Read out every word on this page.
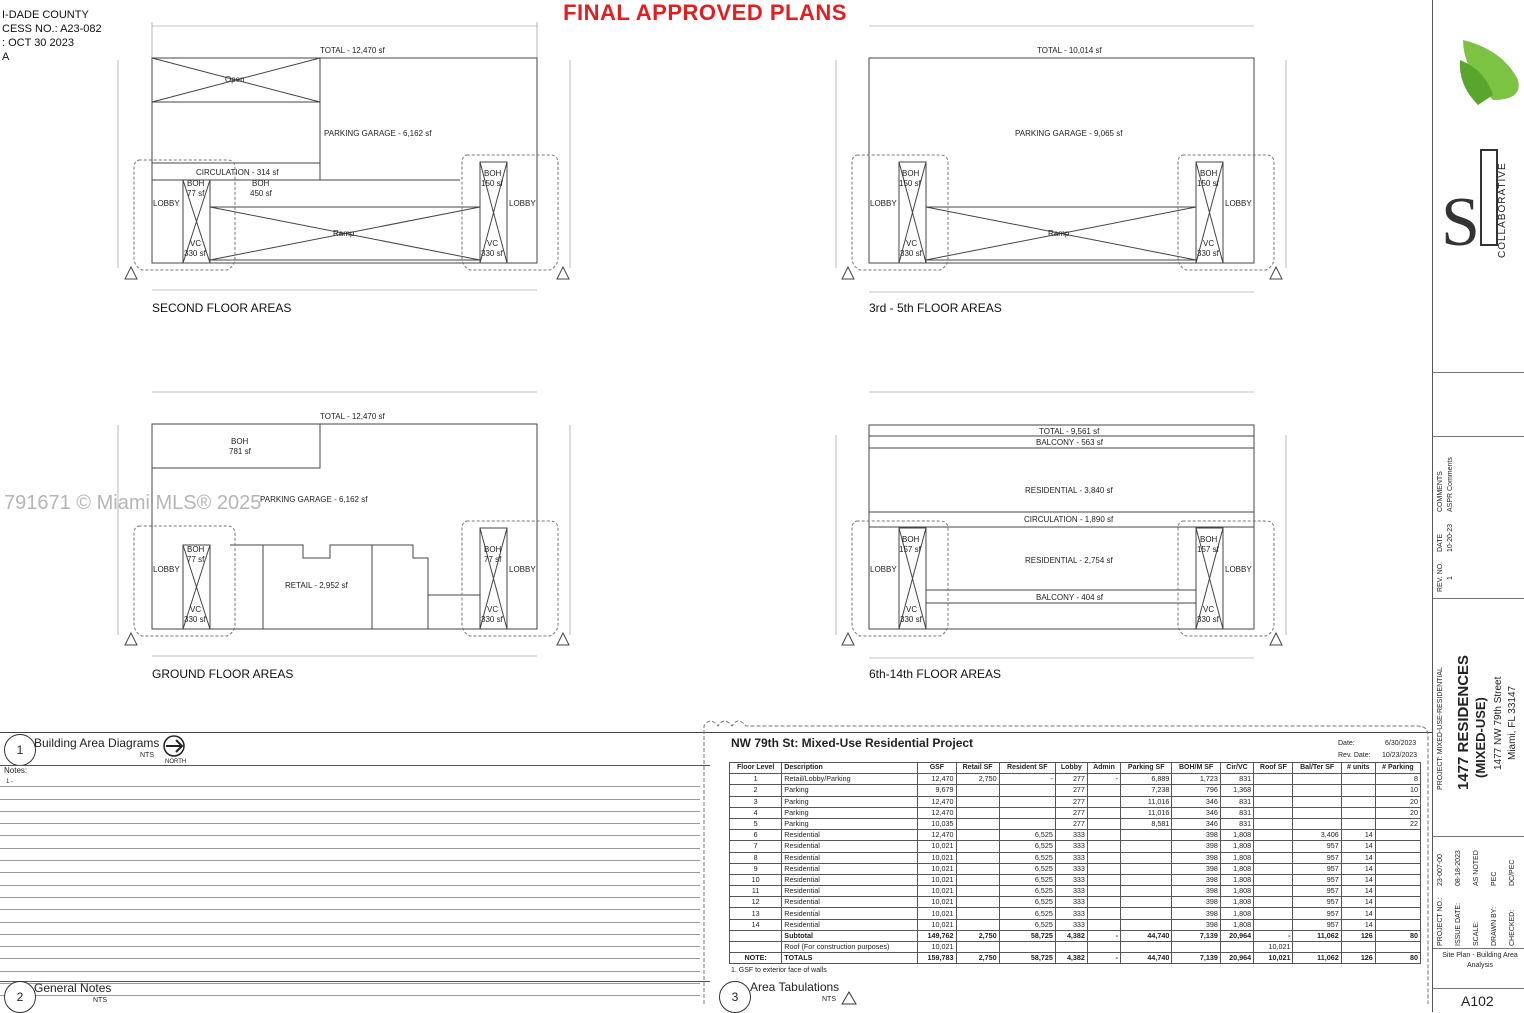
I-DADE COUNTY
CESS NO.: A23-082
: OCT 30 2023
A
FINAL APPROVED PLANS
TOTAL - 12,470 sf
Open
PARKING GARAGE - 6,162 sf
CIRCULATION - 314 sf
BOH
77 sf
BOH
450 sf
BOH
150 sf
LOBBY	LOBBY
Ramp
VC
330 sf
VC
330 sf
TOTAL - 10,014 sf
PARKING GARAGE - 9,065 sf
BOH
150 sf
BOH
150 sf
LOBBY	LOBBY
Ramp
VC
330 sf
VC
330 sf
TOTAL - 12,470 sf
BOH
781 sf
PARKING GARAGE - 6,162 sf
BOH
77 sf
BOH
77 sf
LOBBY	LOBBY
RETAIL - 2,952 sf
VC
330 sf
VC
330 sf
TOTAL - 9,561 sf
BALCONY - 563 sf
RESIDENTIAL - 3,840 sf
CIRCULATION - 1,890 sf
BOH
157 sf
BOH
157 sf
RESIDENTIAL - 2,754 sf
LOBBY	LOBBY
BALCONY - 404 sf
VC
330 sf
VC
330 sf
SECOND FLOOR AREAS	3rd - 5th FLOOR AREAS
GROUND FLOOR AREAS	6th-14th FLOOR AREAS
791671 © Miami MLS® 2025
S COLLABORATIVE
REV. NO.
DATE
COMMENTS
1
10-20-23
ASPR Comments
PROJECT: MIXED-USE-RESIDENTIAL 1477 RESIDENCES (MIXED-USE) 1477 NW 79th Street Miami, FL 33147
PROJECT NO.: ISSUE DATE: SCALE: DRAWN BY: CHECKED:
23-007-00 08-18-2023 AS NOTED PEC DC/PEC
Site Plan - Building Area Analysis
A102
1 Building Area Diagrams
NTS
NORTH
Notes:
1 -
2
General Notes
NTS
NW 79th St: Mixed-Use Residential Project	Date:	6/30/2023
Rev. Date: 10/23/2023
Floor Level	Description	GSF	Retail SF	Resident SF	Lobby	Admin	Parking SF	BOH/M SF	Cir/VC	Roof SF	Bal/Ter SF	# units	# Parking
1	Retail/Lobby/Parking	12,470	2,750	-	277	-	6,889	1,723	831				8
2	Parking	9,679			277		7,238	796	1,368				10
3	Parking	12,470			277		11,016	346	831				20
4	Parking	12,470			277		11,016	346	831				20
5	Parking	10,035			277		8,581	346	831				22
6	Residential	12,470		6,525	333			398	1,808		3,406	14	
7	Residential	10,021		6,525	333			398	1,808		957	14	
8	Residential	10,021		6,525	333			398	1,808		957	14	
9	Residential	10,021		6,525	333			398	1,808		957	14	
10	Residential	10,021		6,525	333			398	1,808		957	14	
11	Residential	10,021		6,525	333			398	1,808		957	14	
12	Residential	10,021		6,525	333			398	1,808		957	14	
13	Residential	10,021		6,525	333			398	1,808		957	14	
14	Residential	10,021		6,525	333			398	1,808		957	14	
	Subtotal	149,762	2,750	58,725	4,382	-	44,740	7,139	20,964	-	11,062	126	80
	Roof (For construction purposes)	10,021								10,021			
NOTE:	TOTALS	159,783	2,750	58,725	4,382	-	44,740	7,139	20,964	10,021	11,062	126	80
1. GSF to exterior face of walls
3
Area Tabulations
NTS
